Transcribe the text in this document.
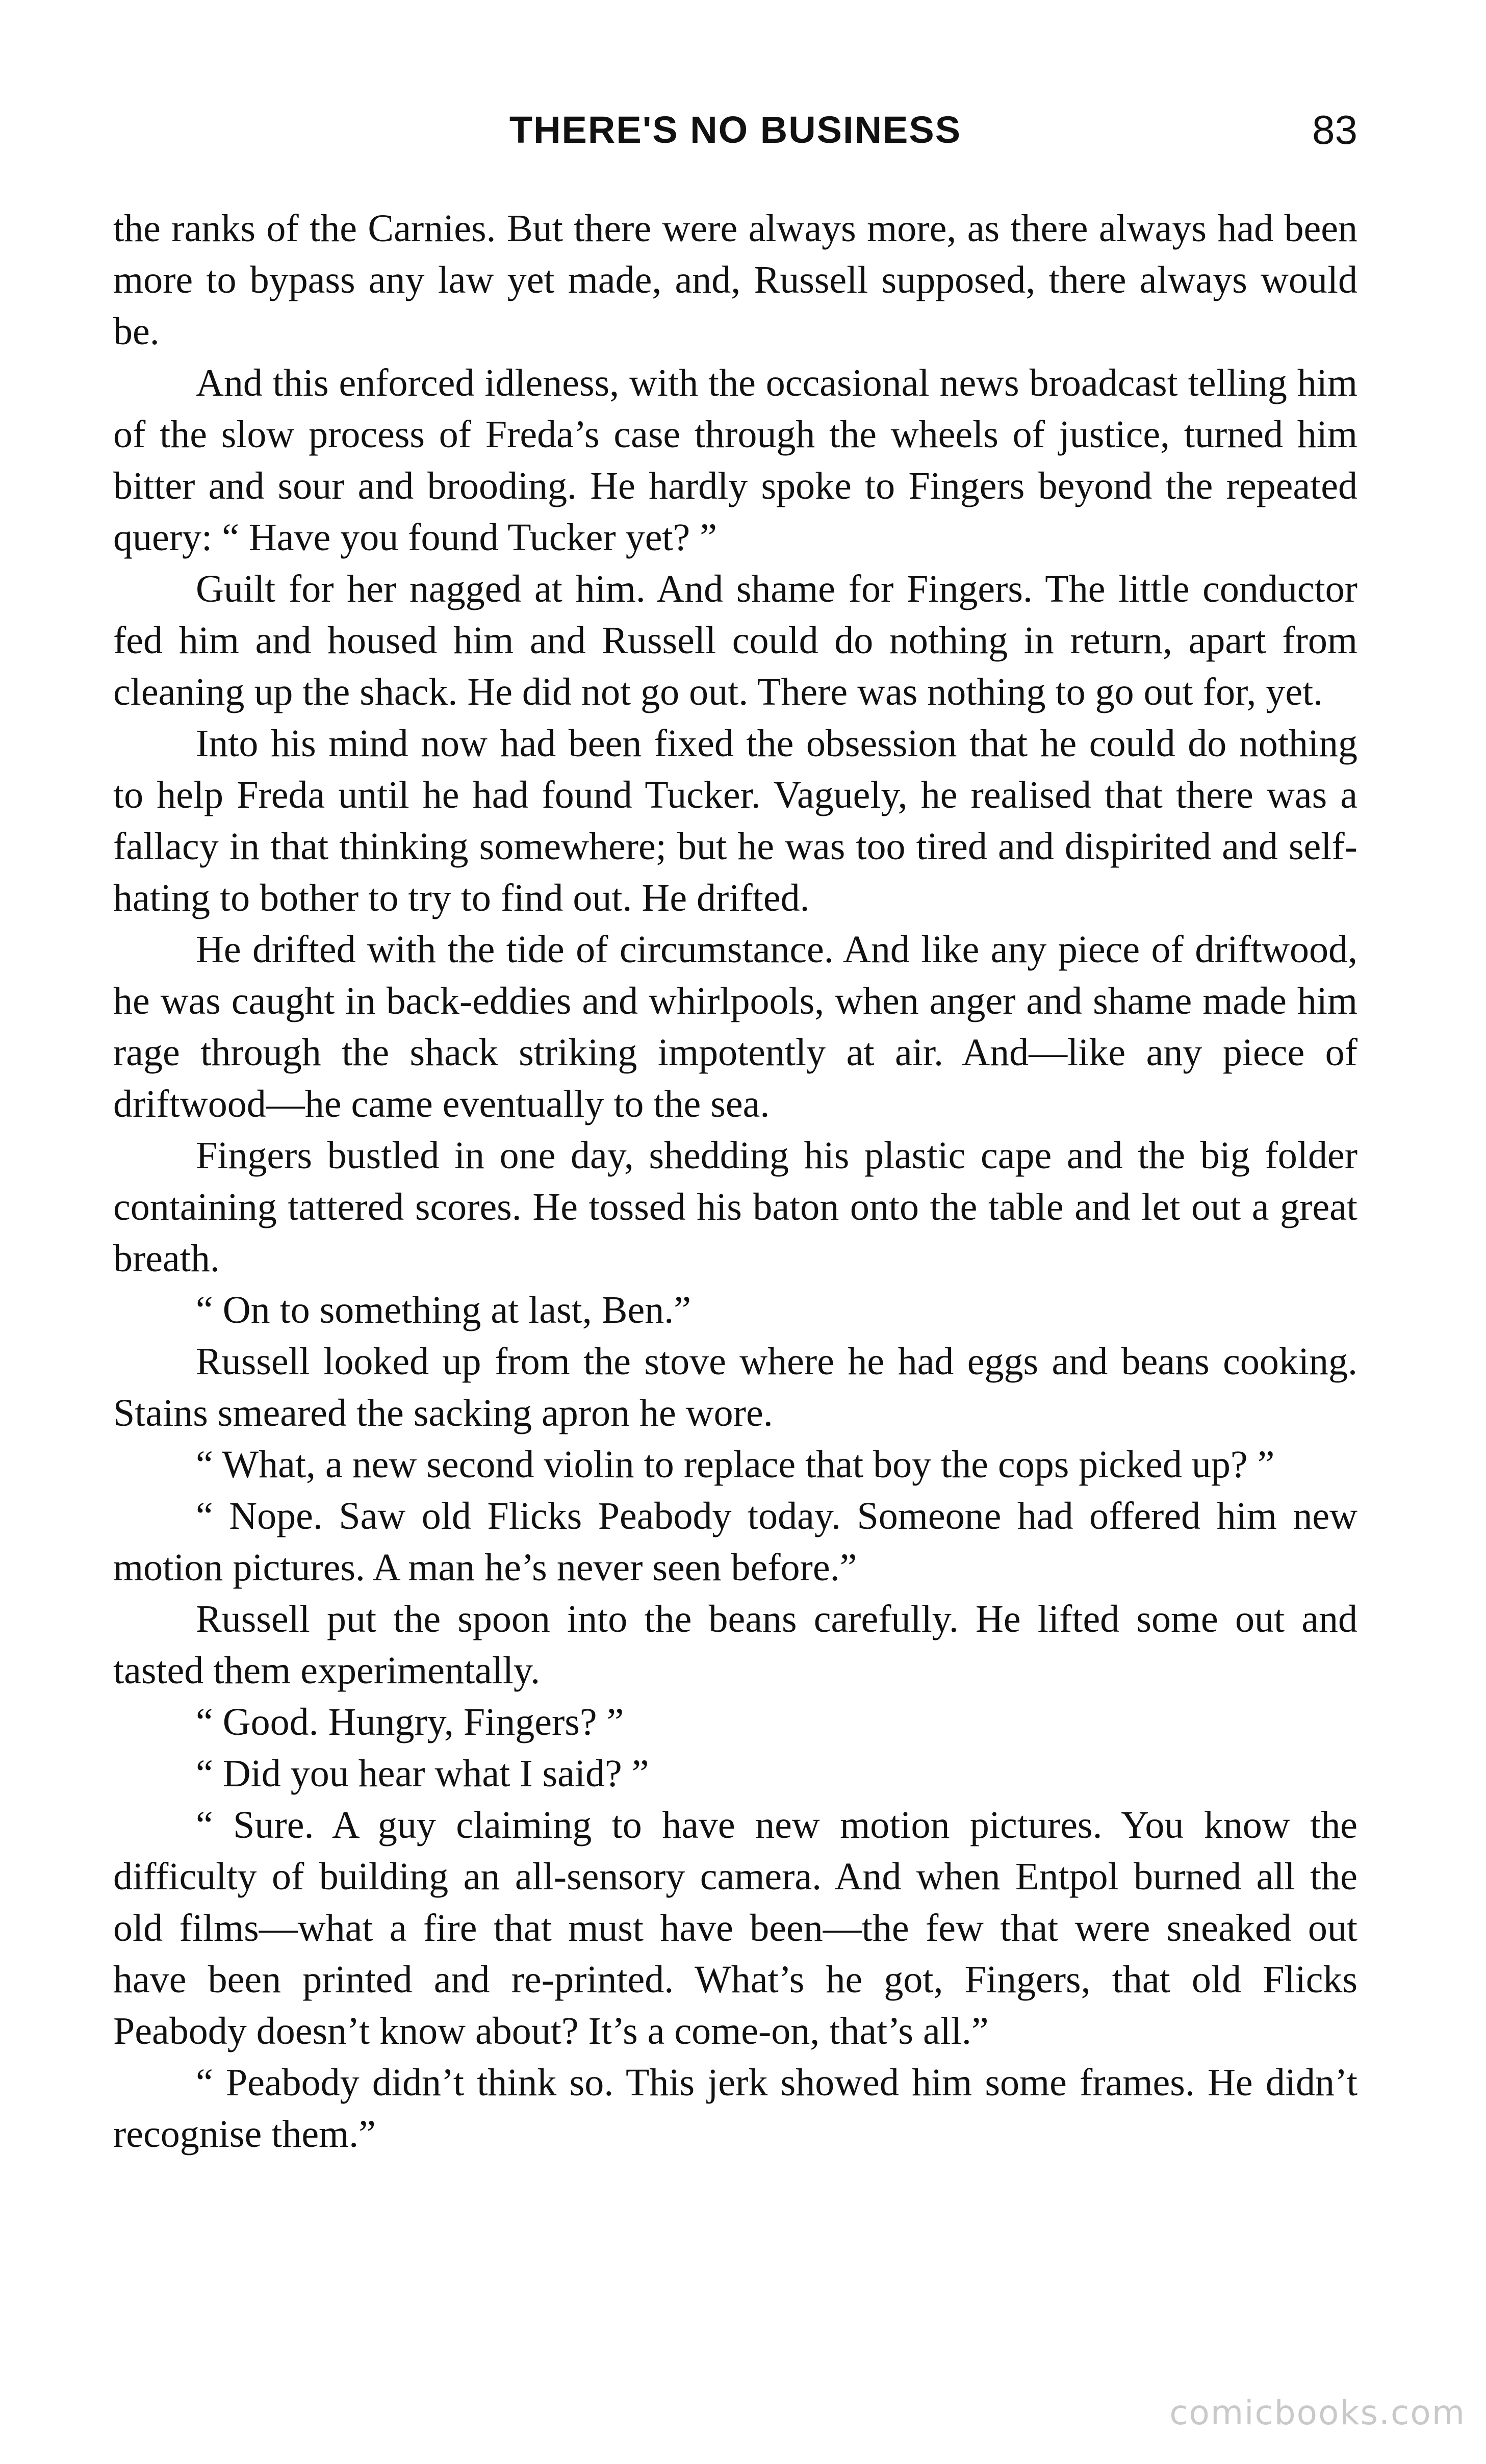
THERE'S NO BUSINESS	83

the ranks of the Carnies. But there were always more, as there always had been more to bypass any law yet made, and, Russell supposed, there always would be.

And this enforced idleness, with the occasional news broadcast telling him of the slow process of Freda’s case through the wheels of justice, turned him bitter and sour and brooding. He hardly spoke to Fingers beyond the repeated query: “ Have you found Tucker yet? ”

Guilt for her nagged at him. And shame for Fingers. The little conductor fed him and housed him and Russell could do nothing in return, apart from cleaning up the shack. He did not go out. There was nothing to go out for, yet.

Into his mind now had been fixed the obsession that he could do nothing to help Freda until he had found Tucker. Vaguely, he realised that there was a fallacy in that thinking somewhere; but he was too tired and dispirited and self-hating to bother to try to find out. He drifted.

He drifted with the tide of circumstance. And like any piece of driftwood, he was caught in back-eddies and whirlpools, when anger and shame made him rage through the shack striking impotently at air. And—like any piece of driftwood—he came eventually to the sea.

Fingers bustled in one day, shedding his plastic cape and the big folder containing tattered scores. He tossed his baton onto the table and let out a great breath.

“ On to something at last, Ben.”

Russell looked up from the stove where he had eggs and beans cooking. Stains smeared the sacking apron he wore.

“ What, a new second violin to replace that boy the cops picked up? ”

“ Nope. Saw old Flicks Peabody today. Someone had offered him new motion pictures. A man he’s never seen before.”

Russell put the spoon into the beans carefully. He lifted some out and tasted them experimentally.

“ Good. Hungry, Fingers? ”

“ Did you hear what I said? ”

“ Sure. A guy claiming to have new motion pictures. You know the difficulty of building an all-sensory camera. And when Entpol burned all the old films—what a fire that must have been—the few that were sneaked out have been printed and re-printed. What’s he got, Fingers, that old Flicks Peabody doesn’t know about? It’s a come-on, that’s all.”

“ Peabody didn’t think so. This jerk showed him some frames. He didn’t recognise them.”

comicbooks.com
